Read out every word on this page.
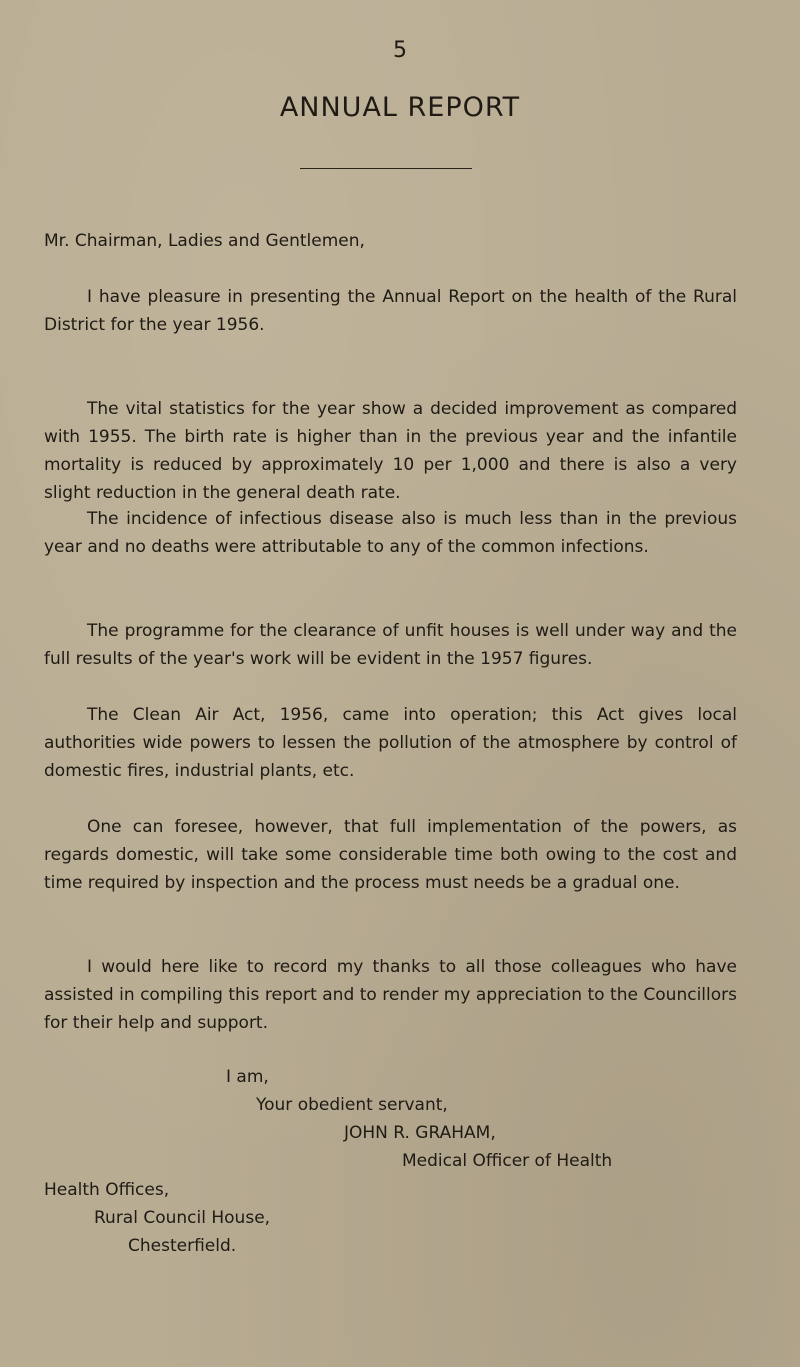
5
ANNUAL REPORT

Mr. Chairman, Ladies and Gentlemen,

I have pleasure in presenting the Annual Report on the health of the Rural District for the year 1956.

The vital statistics for the year show a decided improvement as compared with 1955. The birth rate is higher than in the previous year and the infantile mortality is reduced by approximately 10 per 1,000 and there is also a very slight reduction in the general death rate.

The incidence of infectious disease also is much less than in the previous year and no deaths were attributable to any of the common infections.

The programme for the clearance of unfit houses is well under way and the full results of the year's work will be evident in the 1957 figures.

The Clean Air Act, 1956, came into operation; this Act gives local authorities wide powers to lessen the pollution of the atmosphere by control of domestic fires, industrial plants, etc.

One can foresee, however, that full implementation of the powers, as regards domestic, will take some considerable time both owing to the cost and time required by inspection and the process must needs be a gradual one.

I would here like to record my thanks to all those colleagues who have assisted in compiling this report and to render my appreciation to the Councillors for their help and support.

I am,
Your obedient servant,
JOHN R. GRAHAM,
Medical Officer of Health
Health Offices,
Rural Council House,
Chesterfield.
